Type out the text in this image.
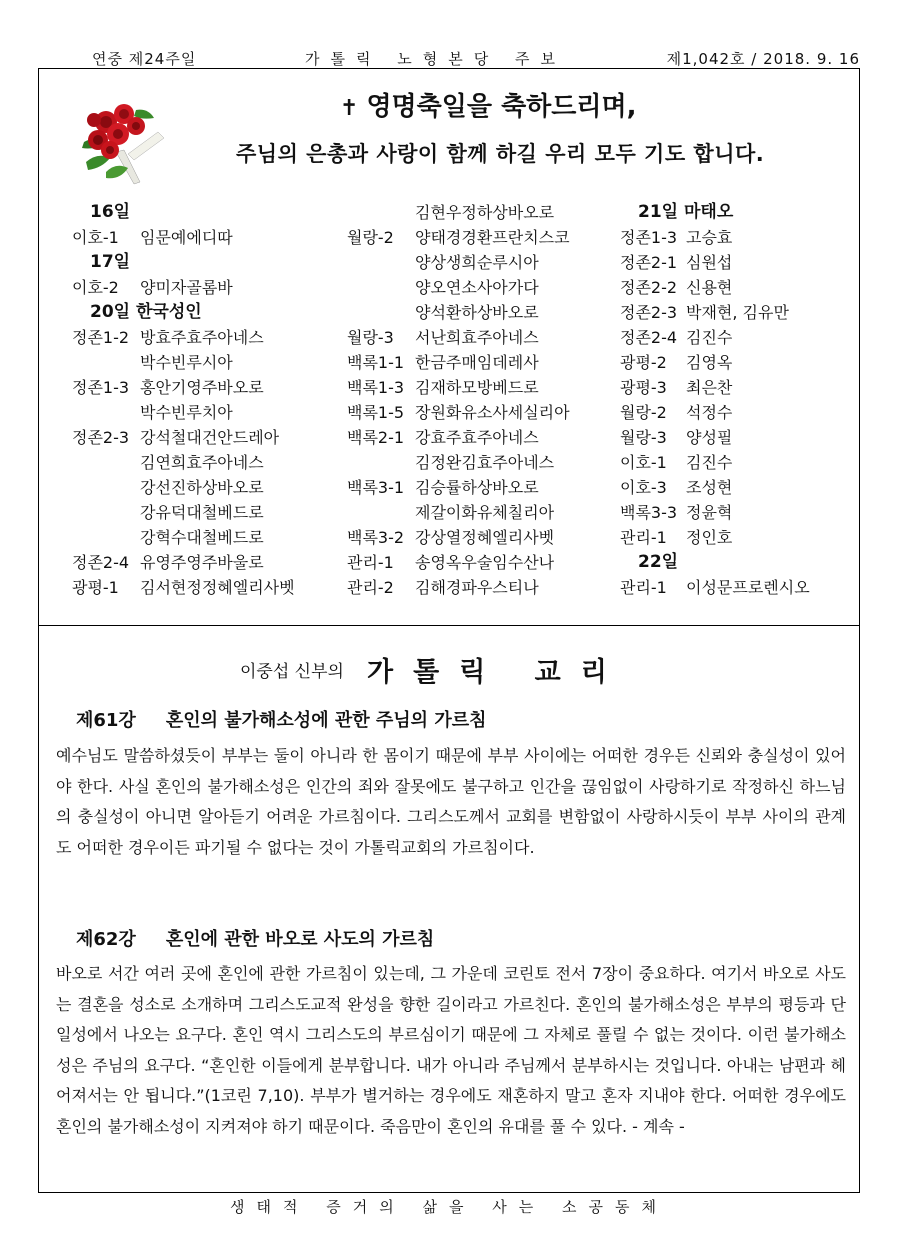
연중 제24주일	가톨릭 노형본당 주보	제1,042호 / 2018. 9. 16
✝ 영명축일을 축하드리며,
주님의 은총과 사랑이 함께 하길 우리 모두 기도 합니다.
16일
이호-1 임문예에디따
17일
이호-2 양미자골롬바
20일 한국성인
정존1-2 방효주효주아네스
박수빈루시아
정존1-3 홍안기영주바오로
박수빈루치아
정존2-3 강석철대건안드레아
김연희효주아네스
강선진하상바오로
강유덕대철베드로
강혁수대철베드로
정존2-4 유영주영주바울로
광평-1 김서현정정혜엘리사벳
김현우정하상바오로
월랑-2 양태경경환프란치스코
양상생희순루시아
양오연소사아가다
양석환하상바오로
월랑-3 서난희효주아네스
백록1-1 한금주매임데레사
백록1-3 김재하모방베드로
백록1-5 장원화유소사세실리아
백록2-1 강효주효주아네스
김정완김효주아네스
백록3-1 김승률하상바오로
제갈이화유체칠리아
백록3-2 강상열정혜엘리사벳
관리-1 송영옥우술임수산나
관리-2 김해경파우스티나
21일 마태오
정존1-3 고승효
정존2-1 심원섭
정존2-2 신용현
정존2-3 박재현, 김유만
정존2-4 김진수
광평-2 김영옥
광평-3 최은찬
월랑-2 석정수
월랑-3 양성필
이호-1 김진수
이호-3 조성현
백록3-3 정윤혁
관리-1 정인호
22일
관리-1 이성문프로렌시오
이중섭 신부의 가톨릭 교리
제61강 혼인의 불가해소성에 관한 주님의 가르침
예수님도 말씀하셨듯이 부부는 둘이 아니라 한 몸이기 때문에 부부 사이에는 어떠한 경우든 신뢰와 충실성이 있어야 한다. 사실 혼인의 불가해소성은 인간의 죄와 잘못에도 불구하고 인간을 끊임없이 사랑하기로 작정하신 하느님의 충실성이 아니면 알아듣기 어려운 가르침이다. 그리스도께서 교회를 변함없이 사랑하시듯이 부부 사이의 관계도 어떠한 경우이든 파기될 수 없다는 것이 가톨릭교회의 가르침이다.
제62강 혼인에 관한 바오로 사도의 가르침
바오로 서간 여러 곳에 혼인에 관한 가르침이 있는데, 그 가운데 코린토 전서 7장이 중요하다. 여기서 바오로 사도는 결혼을 성소로 소개하며 그리스도교적 완성을 향한 길이라고 가르친다. 혼인의 불가해소성은 부부의 평등과 단일성에서 나오는 요구다. 혼인 역시 그리스도의 부르심이기 때문에 그 자체로 풀릴 수 없는 것이다. 이런 불가해소성은 주님의 요구다. “혼인한 이들에게 분부합니다. 내가 아니라 주님께서 분부하시는 것입니다. 아내는 남편과 헤어져서는 안 됩니다.”(1코린 7,10). 부부가 별거하는 경우에도 재혼하지 말고 혼자 지내야 한다. 어떠한 경우에도 혼인의 불가해소성이 지켜져야 하기 때문이다. 죽음만이 혼인의 유대를 풀 수 있다. - 계속 -
생태적 증거의 삶을 사는 소공동체
